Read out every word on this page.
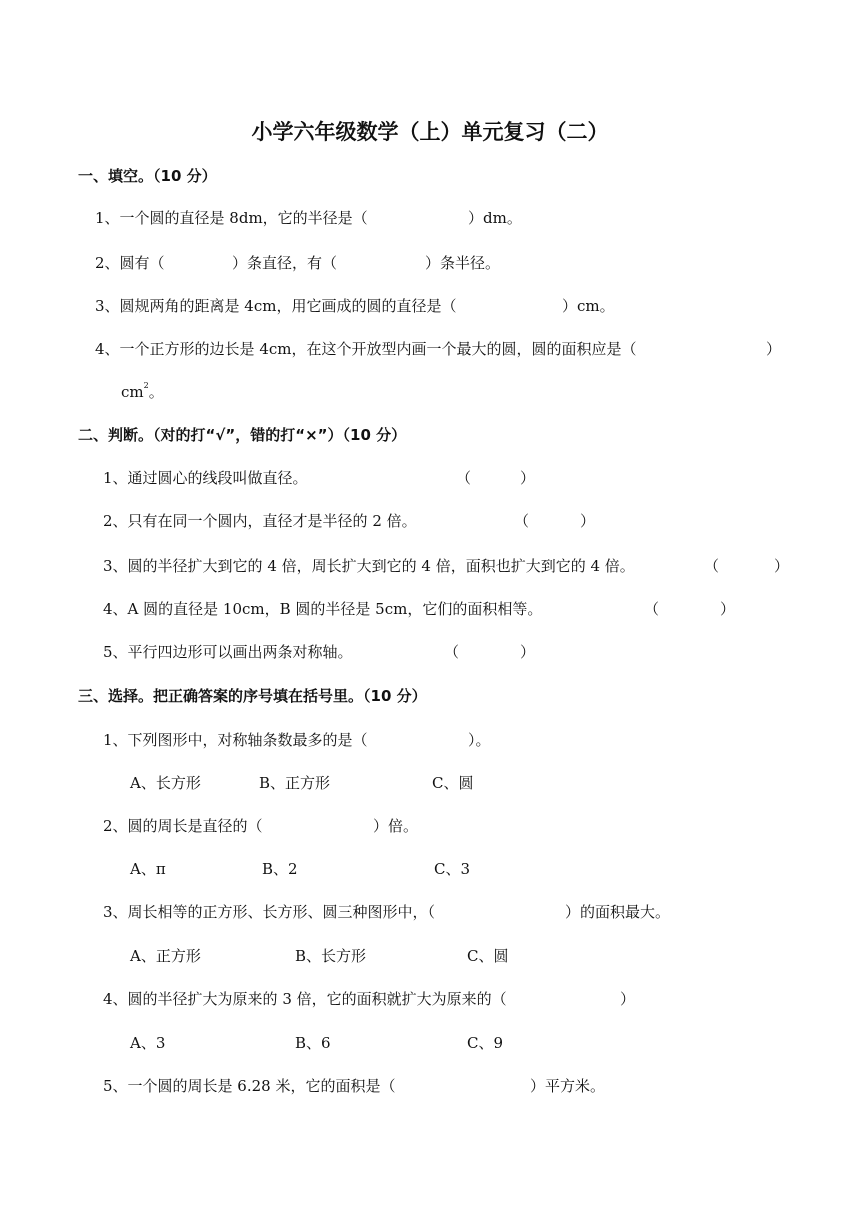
小学六年级数学（上）单元复习（二）
一、填空。（10 分）
1、一个圆的直径是 8dm，它的半径是（	）dm。
2、圆有（	）条直径，有（	）条半径。
3、圆规两角的距离是 4cm，用它画成的圆的直径是（	）cm。
4、一个正方形的边长是 4cm，在这个开放型内画一个最大的圆，圆的面积应是（	）
$cm^2$。
二、判断。（对的打“√”，错的打“×”）（10 分）
1、通过圆心的线段叫做直径。	（	）
2、只有在同一个圆内，直径才是半径的 2 倍。	（	）
3、圆的半径扩大到它的 4 倍，周长扩大到它的 4 倍，面积也扩大到它的 4 倍。	（	）
4、A 圆的直径是 10cm，B 圆的半径是 5cm，它们的面积相等。	（	）
5、平行四边形可以画出两条对称轴。	（	）
三、选择。把正确答案的序号填在括号里。（10 分）
1、下列图形中，对称轴条数最多的是（	）。
A、长方形	B、正方形	C、圆
2、圆的周长是直径的（	）倍。
A、π	B、2	C、3
3、周长相等的正方形、长方形、圆三种图形中，（	）的面积最大。
A、正方形	B、长方形	C、圆
4、圆的半径扩大为原来的 3 倍，它的面积就扩大为原来的（	）
A、3	B、6	C、9
5、一个圆的周长是 6.28 米，它的面积是（	）平方米。
